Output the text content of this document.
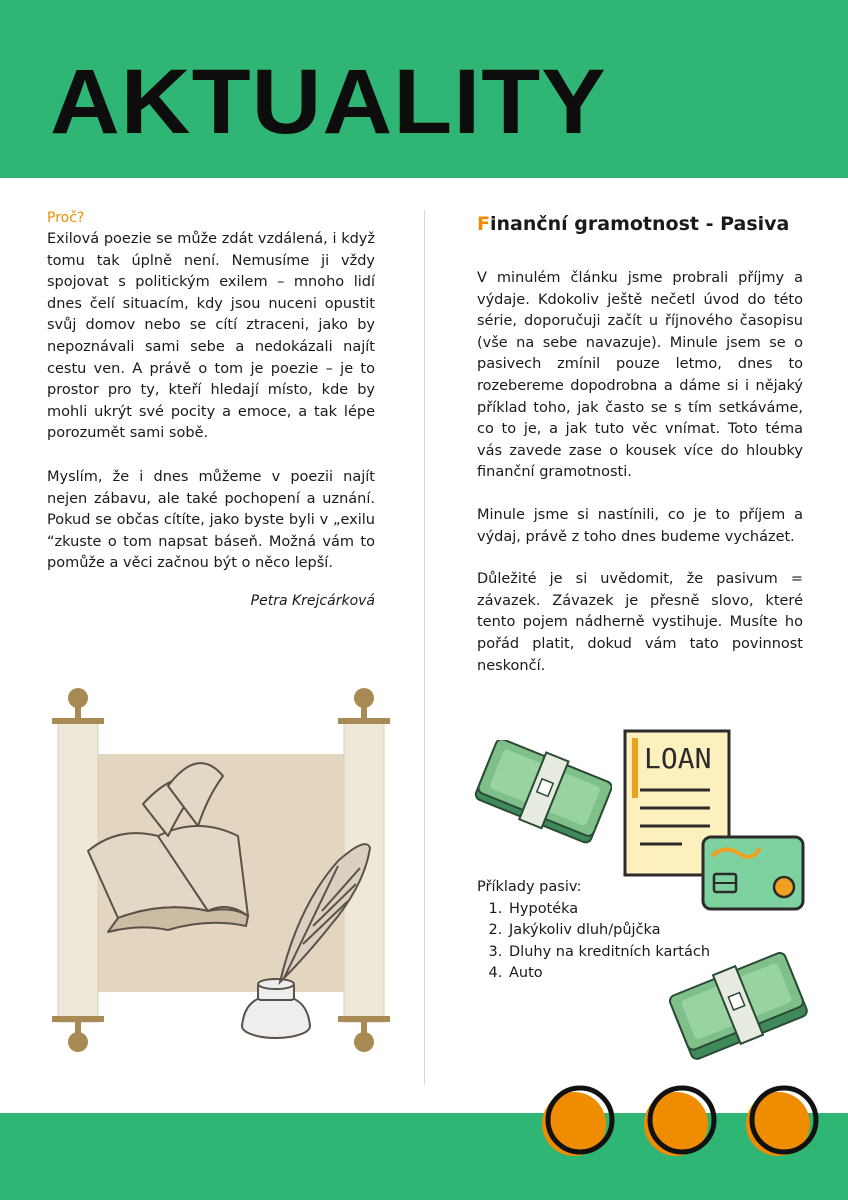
AKTUALITY
Proč?

Exilová poezie se může zdát vzdálená, i když tomu tak úplně není. Nemusíme ji vždy spojovat s politickým exilem – mnoho lidí dnes čelí situacím, kdy jsou nuceni opustit svůj domov nebo se cítí ztraceni, jako by nepoznávali sami sebe a nedokázali najít cestu ven. A právě o tom je poezie – je to prostor pro ty, kteří hledají místo, kde by mohli ukrýt své pocity a emoce, a tak lépe porozumět sami sobě.

Myslím, že i dnes můžeme v poezii najít nejen zábavu, ale také pochopení a uznání. Pokud se občas cítíte, jako byste byli v „exilu “zkuste o tom napsat báseň. Možná vám to pomůže a věci začnou být o něco lepší.

Petra Krejcárková
Finanční gramotnost - Pasiva

V minulém článku jsme probrali příjmy a výdaje. Kdokoliv ještě nečetl úvod do této série, doporučuji začít u říjnového časopisu (vše na sebe navazuje). Minule jsem se o pasivech zmínil pouze letmo, dnes to rozebereme dopodrobna a dáme si i nějaký příklad toho, jak často se s tím setkáváme, co to je, a jak tuto věc vnímat. Toto téma vás zavede zase o kousek více do hloubky finanční gramotnosti.

Minule jsme si nastínili, co je to příjem a výdaj, právě z toho dnes budeme vycházet.

Důležité je si uvědomit, že pasivum = závazek. Závazek je přesně slovo, které tento pojem nádherně vystihuje. Musíte ho pořád platit, dokud vám tato povinnost neskončí.

LOAN
Příklady pasiv:
1. Hypotéka
2. Jakýkoliv dluh/půjčka
3. Dluhy na kreditních kartách
4. Auto
